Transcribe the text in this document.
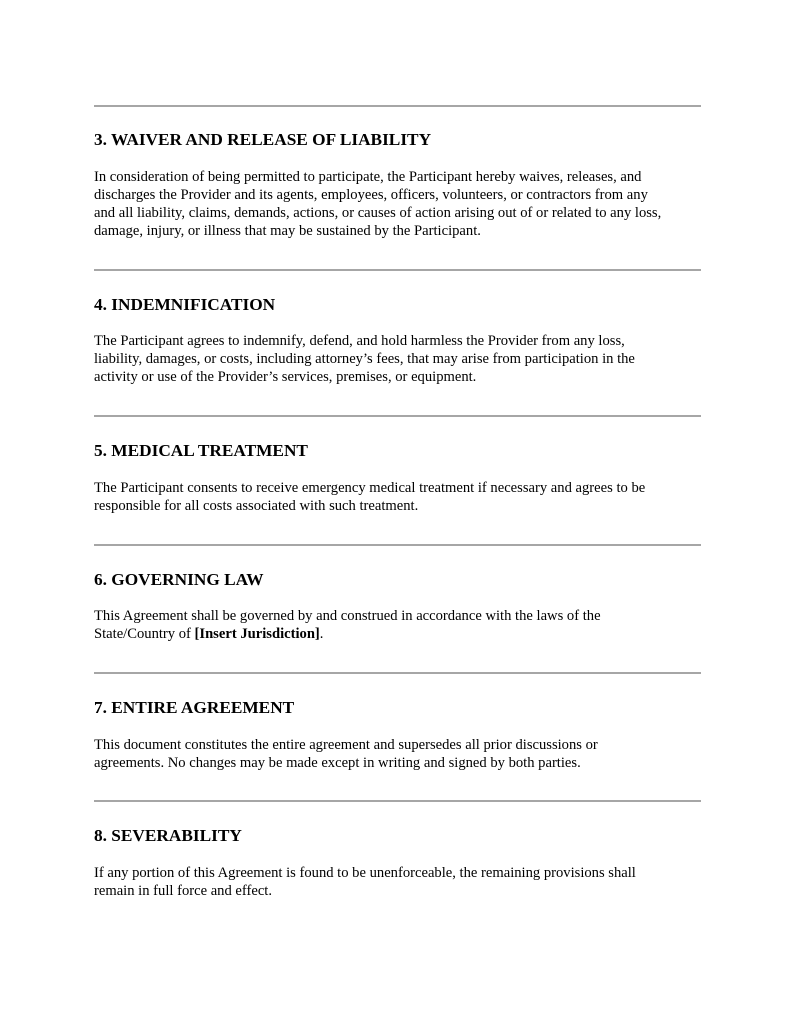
3. WAIVER AND RELEASE OF LIABILITY

In consideration of being permitted to participate, the Participant hereby waives, releases, and
discharges the Provider and its agents, employees, officers, volunteers, or contractors from any
and all liability, claims, demands, actions, or causes of action arising out of or related to any loss,
damage, injury, or illness that may be sustained by the Participant.

4. INDEMNIFICATION

The Participant agrees to indemnify, defend, and hold harmless the Provider from any loss,
liability, damages, or costs, including attorney’s fees, that may arise from participation in the
activity or use of the Provider’s services, premises, or equipment.

5. MEDICAL TREATMENT

The Participant consents to receive emergency medical treatment if necessary and agrees to be
responsible for all costs associated with such treatment.

6. GOVERNING LAW

This Agreement shall be governed by and construed in accordance with the laws of the
State/Country of [Insert Jurisdiction].

7. ENTIRE AGREEMENT

This document constitutes the entire agreement and supersedes all prior discussions or
agreements. No changes may be made except in writing and signed by both parties.

8. SEVERABILITY

If any portion of this Agreement is found to be unenforceable, the remaining provisions shall
remain in full force and effect.
